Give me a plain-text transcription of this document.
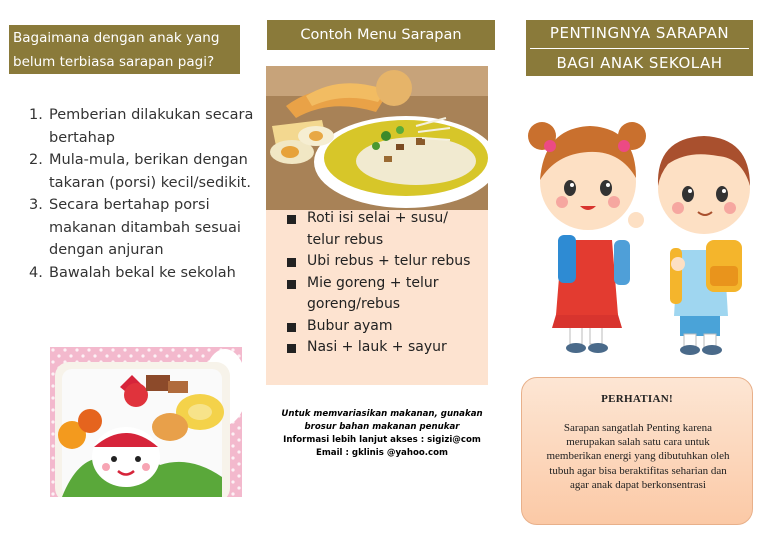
Bagaimana dengan anak yang belum terbiasa sarapan pagi?
1. Pemberian dilakukan secara bertahap
2. Mula-mula, berikan dengan takaran (porsi) kecil/sedikit.
3. Secara bertahap porsi makanan ditambah sesuai dengan anjuran
4. Bawalah bekal ke sekolah
Contoh Menu Sarapan
Roti isi selai + susu/ telur rebus
Ubi rebus + telur rebus
Mie goreng + telur goreng/rebus
Bubur ayam
Nasi + lauk + sayur
Untuk memvariasikan makanan, gunakan brosur bahan makanan penukar
Informasi lebih lanjut akses : sigizi@com
Email : gklinis @yahoo.com
PENTINGNYA SARAPAN
BAGI ANAK SEKOLAH
PERHATIAN!
Sarapan sangatlah Penting karena merupakan salah satu cara untuk memberikan energi yang dibutuhkan oleh tubuh agar bisa beraktifitas seharian dan agar anak dapat berkonsentrasi
